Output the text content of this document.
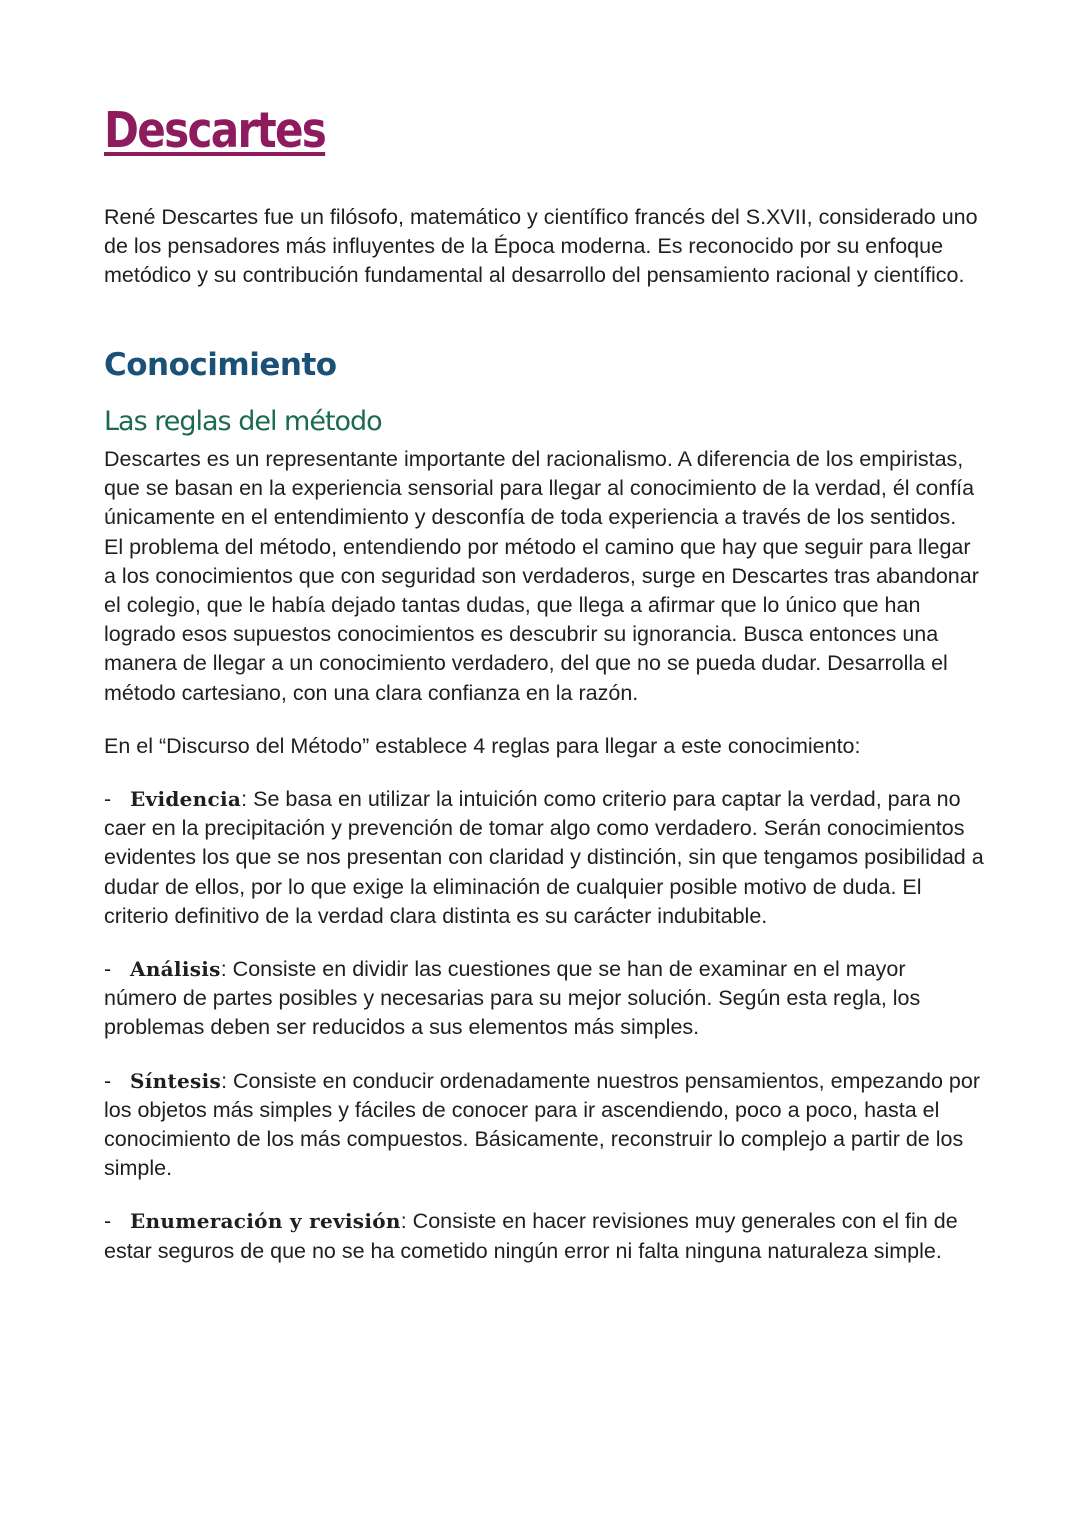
Descartes

René Descartes fue un filósofo, matemático y científico francés del S.XVII, considerado uno de los pensadores más influyentes de la Época moderna. Es reconocido por su enfoque metódico y su contribución fundamental al desarrollo del pensamiento racional y científico.

Conocimiento
Las reglas del método

Descartes es un representante importante del racionalismo. A diferencia de los empiristas, que se basan en la experiencia sensorial para llegar al conocimiento de la verdad, él confía únicamente en el entendimiento y desconfía de toda experiencia a través de los sentidos.

El problema del método, entendiendo por método el camino que hay que seguir para llegar a los conocimientos que con seguridad son verdaderos, surge en Descartes tras abandonar el colegio, que le había dejado tantas dudas, que llega a afirmar que lo único que han logrado esos supuestos conocimientos es descubrir su ignorancia. Busca entonces una manera de llegar a un conocimiento verdadero, del que no se pueda dudar. Desarrolla el método cartesiano, con una clara confianza en la razón.

En el “Discurso del Método” establece 4 reglas para llegar a este conocimiento:

- Evidencia: Se basa en utilizar la intuición como criterio para captar la verdad, para no caer en la precipitación y prevención de tomar algo como verdadero. Serán conocimientos evidentes los que se nos presentan con claridad y distinción, sin que tengamos posibilidad a dudar de ellos, por lo que exige la eliminación de cualquier posible motivo de duda. El criterio definitivo de la verdad clara distinta es su carácter indubitable.

- Análisis: Consiste en dividir las cuestiones que se han de examinar en el mayor número de partes posibles y necesarias para su mejor solución. Según esta regla, los problemas deben ser reducidos a sus elementos más simples.

- Síntesis: Consiste en conducir ordenadamente nuestros pensamientos, empezando por los objetos más simples y fáciles de conocer para ir ascendiendo, poco a poco, hasta el conocimiento de los más compuestos. Básicamente, reconstruir lo complejo a partir de los simple.

- Enumeración y revisión: Consiste en hacer revisiones muy generales con el fin de estar seguros de que no se ha cometido ningún error ni falta ninguna naturaleza simple.
